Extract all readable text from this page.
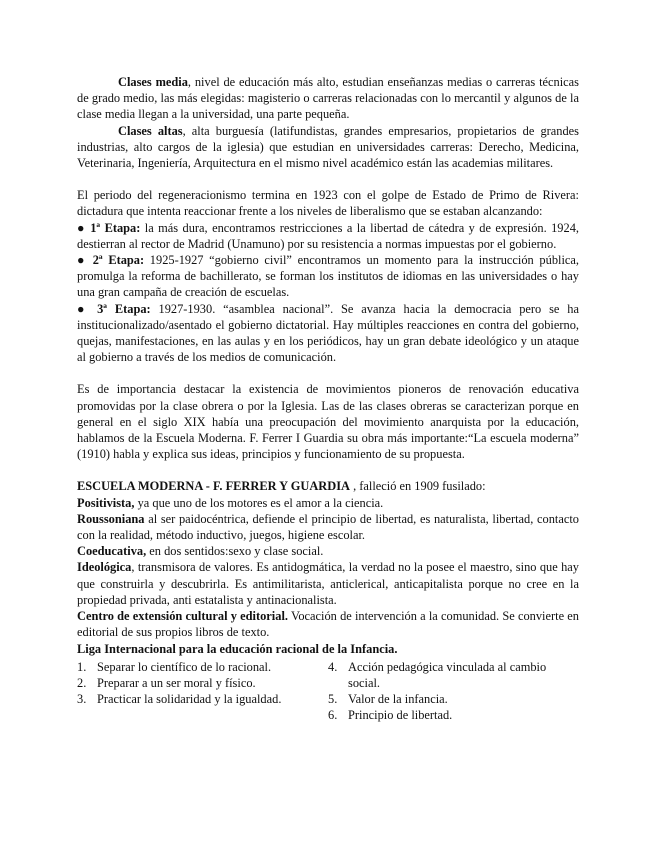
Clases media, nivel de educación más alto, estudian enseñanzas medias o carreras técnicas de grado medio, las más elegidas: magisterio o carreras relacionadas con lo mercantil y algunos de la clase media llegan a la universidad, una parte pequeña.

Clases altas, alta burguesía (latifundistas, grandes empresarios, propietarios de grandes industrias, alto cargos de la iglesia) que estudian en universidades carreras: Derecho, Medicina, Veterinaria, Ingeniería, Arquitectura en el mismo nivel académico están las academias militares.

El periodo del regeneracionismo termina en 1923 con el golpe de Estado de Primo de Rivera: dictadura que intenta reaccionar frente a los niveles de liberalismo que se estaban alcanzando:

● 1ª Etapa: la más dura, encontramos restricciones a la libertad de cátedra y de expresión. 1924, destierran al rector de Madrid (Unamuno) por su resistencia a normas impuestas por el gobierno.

● 2ª Etapa: 1925-1927 “gobierno civil” encontramos un momento para la instrucción pública, promulga la reforma de bachillerato, se forman los institutos de idiomas en las universidades o hay una gran campaña de creación de escuelas.

● 3ª Etapa: 1927-1930. “asamblea nacional”. Se avanza hacia la democracia pero se ha institucionalizado/asentado el gobierno dictatorial. Hay múltiples reacciones en contra del gobierno, quejas, manifestaciones, en las aulas y en los periódicos, hay un gran debate ideológico y un ataque al gobierno a través de los medios de comunicación.

Es de importancia destacar la existencia de movimientos pioneros de renovación educativa promovidas por la clase obrera o por la Iglesia. Las de las clases obreras se caracterizan porque en general en el siglo XIX había una preocupación del movimiento anarquista por la educación, hablamos de la Escuela Moderna. F. Ferrer I Guardia su obra más importante:“La escuela moderna” (1910) habla y explica sus ideas, principios y funcionamiento de su propuesta.

ESCUELA MODERNA - F. FERRER Y GUARDIA , falleció en 1909 fusilado:

Positivista, ya que uno de los motores es el amor a la ciencia.

Roussoniana al ser paidocéntrica, defiende el principio de libertad, es naturalista, libertad, contacto con la realidad, método inductivo, juegos, higiene escolar.

Coeducativa, en dos sentidos:sexo y clase social.

Ideológica, transmisora de valores. Es antidogmática, la verdad no la posee el maestro, sino que hay que construirla y descubrirla. Es antimilitarista, anticlerical, anticapitalista porque no cree en la propiedad privada, anti estatalista y antinacionalista.

Centro de extensión cultural y editorial. Vocación de intervención a la comunidad. Se convierte en editorial de sus propios libros de texto.

Liga Internacional para la educación racional de la Infancia.

1. Separar lo científico de lo racional.
2. Preparar a un ser moral y físico.
3. Practicar la solidaridad y la igualdad.
4. Acción pedagógica vinculada al cambio social.
5. Valor de la infancia.
6. Principio de libertad.
